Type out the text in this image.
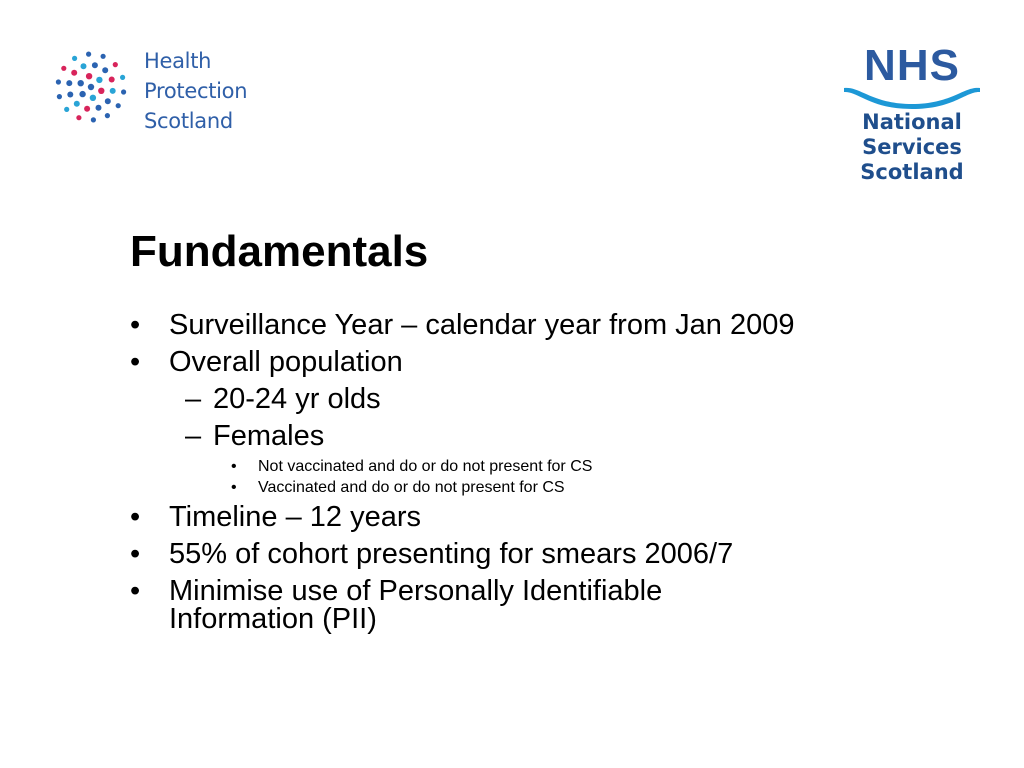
Health
Protection
Scotland
NHS
National
Services
Scotland
Fundamentals
• Surveillance Year – calendar year from Jan 2009
• Overall population
– 20-24 yr olds
– Females
• Not vaccinated and do or do not present for CS
• Vaccinated and do or do not present for CS
• Timeline – 12 years
• 55% of cohort presenting for smears 2006/7
• Minimise use of Personally Identifiable
Information (PII)
